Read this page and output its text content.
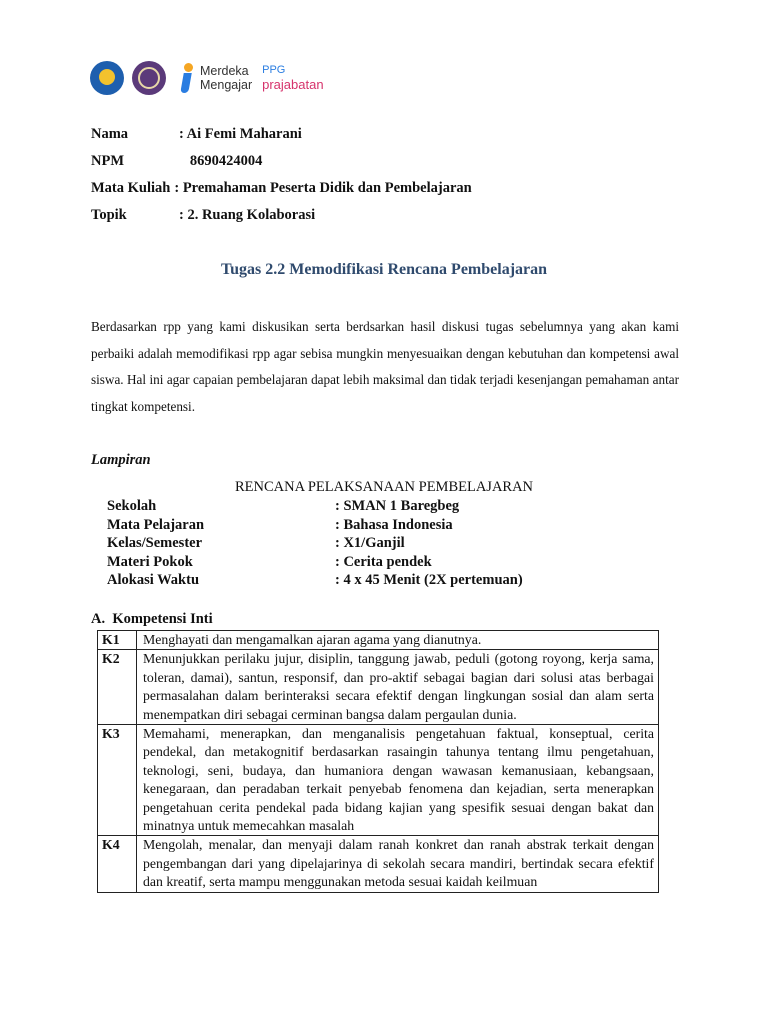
Merdeka
Mengajar
PPG
prajabatan
Nama	: Ai Femi Maharani
NPM	8690424004
Mata Kuliah : Premahaman Peserta Didik dan Pembelajaran
Topik	: 2. Ruang Kolaborasi
Tugas 2.2 Memodifikasi Rencana Pembelajaran
Berdasarkan rpp yang kami diskusikan serta berdsarkan hasil diskusi tugas sebelumnya yang akan kami perbaiki adalah memodifikasi rpp agar sebisa mungkin menyesuaikan dengan kebutuhan dan kompetensi awal siswa. Hal ini agar capaian pembelajaran dapat lebih maksimal dan tidak terjadi kesenjangan pemahaman antar tingkat kompetensi.
Lampiran
RENCANA PELAKSANAAN PEMBELAJARAN
Sekolah	: SMAN 1 Baregbeg
Mata Pelajaran	: Bahasa Indonesia
Kelas/Semester	: X1/Ganjil
Materi Pokok	: Cerita pendek
Alokasi Waktu	: 4 x 45 Menit (2X pertemuan)
A.  Kompetensi Inti
K1	Menghayati dan mengamalkan ajaran agama yang dianutnya.
K2	Menunjukkan perilaku jujur, disiplin, tanggung jawab, peduli (gotong royong, kerja sama, toleran, damai), santun, responsif, dan pro-aktif sebagai bagian dari solusi atas berbagai permasalahan dalam berinteraksi secara efektif dengan lingkungan sosial dan alam serta menempatkan diri sebagai cerminan bangsa dalam pergaulan dunia.
K3	Memahami, menerapkan, dan menganalisis pengetahuan faktual, konseptual, cerita pendekal, dan metakognitif berdasarkan rasaingin tahunya tentang ilmu pengetahuan, teknologi, seni, budaya, dan humaniora dengan wawasan kemanusiaan, kebangsaan, kenegaraan, dan peradaban terkait penyebab fenomena dan kejadian, serta menerapkan pengetahuan cerita pendekal pada bidang kajian yang spesifik sesuai dengan bakat dan minatnya untuk memecahkan masalah
K4	Mengolah, menalar, dan menyaji dalam ranah konkret dan ranah abstrak terkait dengan pengembangan dari yang dipelajarinya di sekolah secara mandiri, bertindak secara efektif dan kreatif, serta mampu menggunakan metoda sesuai kaidah keilmuan
